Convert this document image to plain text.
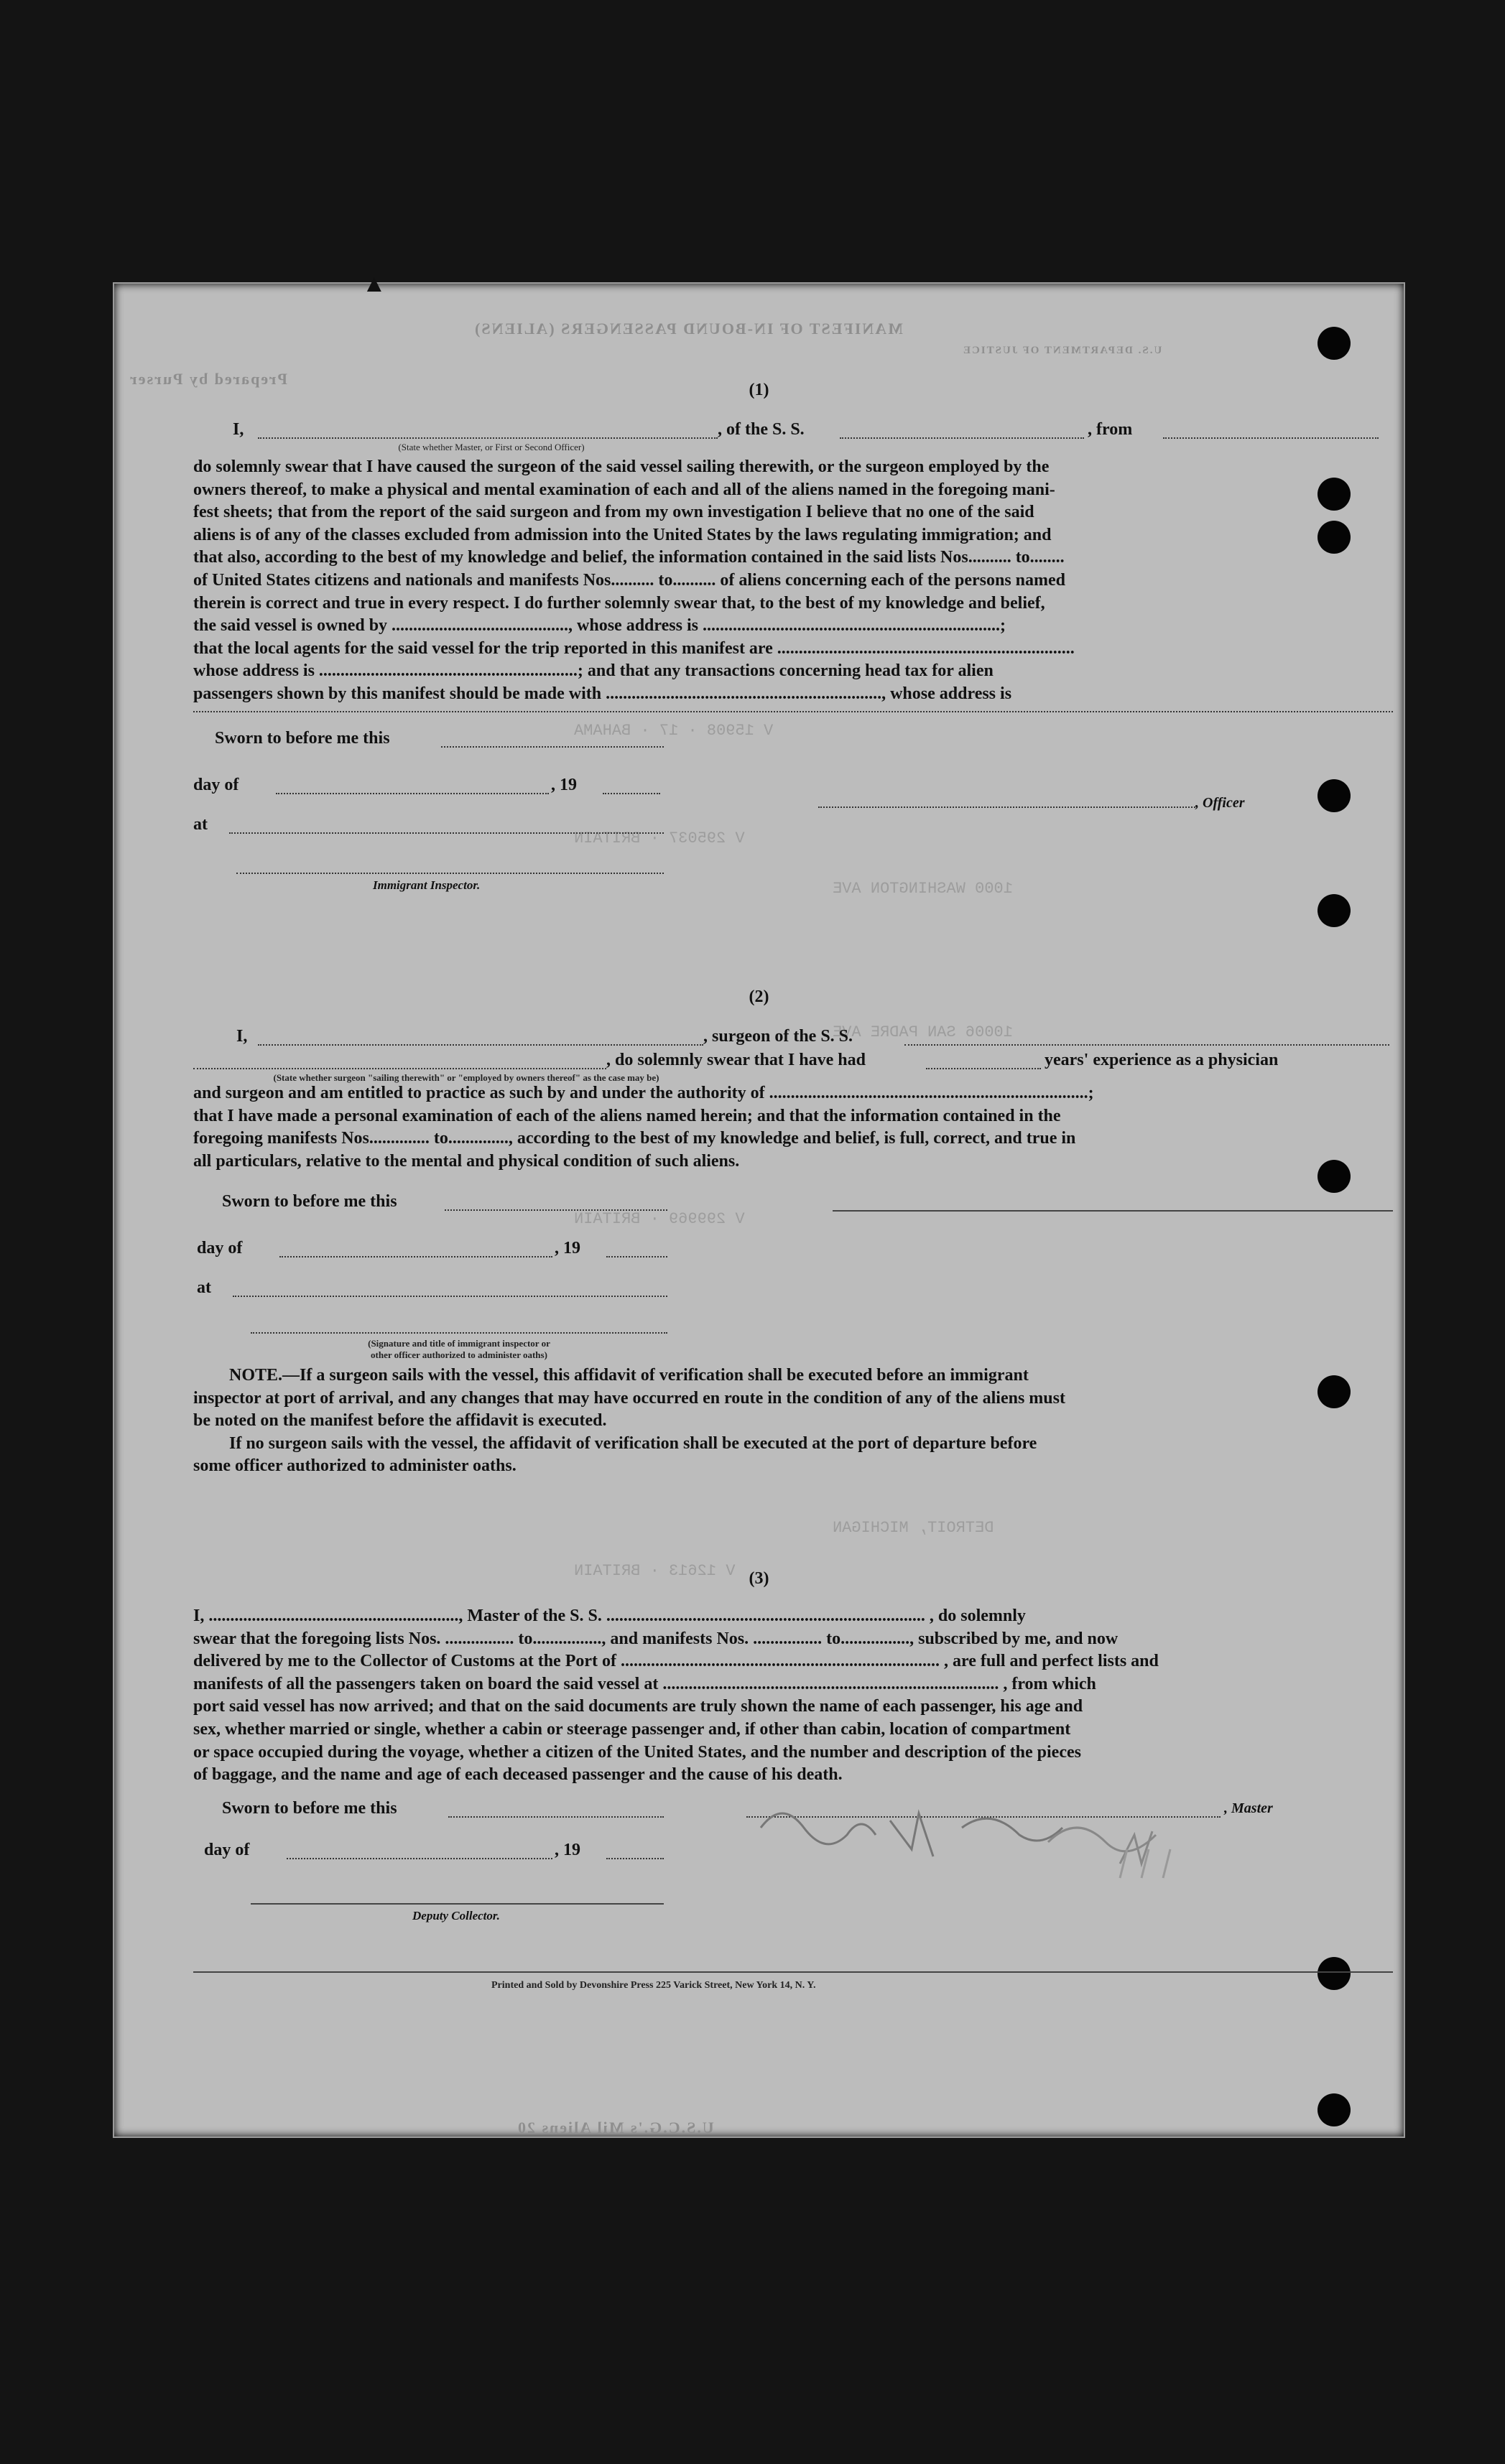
▲
MANIFEST OF IN-BOUND PASSENGERS (ALIENS)
Prepared by Purser
U.S. DEPARTMENT OF JUSTICE
V 15908 · 17 · BAHAMA
V 295037 · BRITAIN
1000 WASHINGTON AVE
10006 SAN PADRE AVE
V 299969 · BRITAIN
DETROIT, MICHIGAN
V 12613 · BRITAIN
(1)
I,
(State whether Master, or First or Second Officer)
, of the S. S.	, from
do solemnly swear that I have caused the surgeon of the said vessel sailing therewith, or the surgeon employed by the
owners thereof, to make a physical and mental examination of each and all of the aliens named in the foregoing mani-
fest sheets; that from the report of the said surgeon and from my own investigation I believe that no one of the said
aliens is of any of the classes excluded from admission into the United States by the laws regulating immigration; and
that also, according to the best of my knowledge and belief, the information contained in the said lists Nos.......... to........
of United States citizens and nationals and manifests Nos.......... to.......... of aliens concerning each of the persons named
therein is correct and true in every respect. I do further solemnly swear that, to the best of my knowledge and belief,
the said vessel is owned by ........................................., whose address is .....................................................................;
that the local agents for the said vessel for the trip reported in this manifest are .....................................................................
whose address is ............................................................; and that any transactions concerning head tax for alien
passengers shown by this manifest should be made with ................................................................, whose address is
Sworn to before me this
day of	, 19
, Officer
at
Immigrant Inspector.
(2)
I,	, surgeon of the S. S.
(State whether surgeon "sailing therewith" or "employed by owners thereof" as the case may be)
, do solemnly swear that I have had	years' experience as a physician
and surgeon and am entitled to practice as such by and under the authority of ..........................................................................;
that I have made a personal examination of each of the aliens named herein; and that the information contained in the
foregoing manifests Nos.............. to.............., according to the best of my knowledge and belief, is full, correct, and true in
all particulars, relative to the mental and physical condition of such aliens.
Sworn to before me this
day of	, 19
at
(Signature and title of immigrant inspector or
other officer authorized to administer oaths)
NOTE.—If a surgeon sails with the vessel, this affidavit of verification shall be executed before an immigrant
inspector at port of arrival, and any changes that may have occurred en route in the condition of any of the aliens must
be noted on the manifest before the affidavit is executed.
If no surgeon sails with the vessel, the affidavit of verification shall be executed at the port of departure before
some officer authorized to administer oaths.
(3)
I, .........................................................., Master of the S. S. .......................................................................... , do solemnly
swear that the foregoing lists Nos. ................ to................, and manifests Nos. ................ to................, subscribed by me, and now
delivered by me to the Collector of Customs at the Port of .......................................................................... , are full and perfect lists and
manifests of all the passengers taken on board the said vessel at .............................................................................. , from which
port said vessel has now arrived; and that on the said documents are truly shown the name of each passenger, his age and
sex, whether married or single, whether a cabin or steerage passenger and, if other than cabin, location of compartment
or space occupied during the voyage, whether a citizen of the United States, and the number and description of the pieces
of baggage, and the name and age of each deceased passenger and the cause of his death.
Sworn to before me this	, Master
day of	, 19
Deputy Collector.
Printed and Sold by Devonshire Press 225 Varick Street, New York 14, N. Y.
U.S.C.G.'s Mil Aliens 20
